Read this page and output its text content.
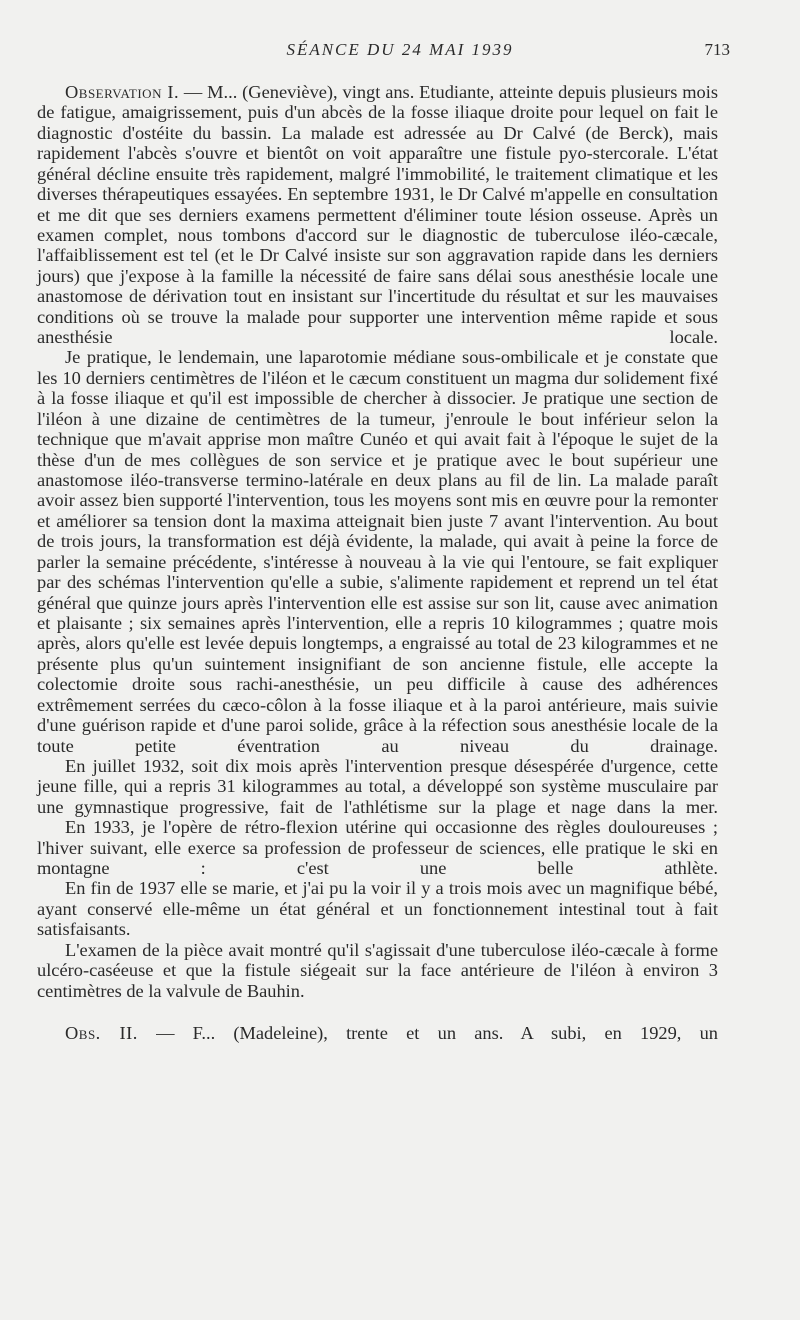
SÉANCE DU 24 MAI 1939	713

Observation I. — M... (Geneviève), vingt ans. Etudiante, atteinte depuis plusieurs mois de fatigue, amaigrissement, puis d'un abcès de la fosse iliaque droite pour lequel on fait le diagnostic d'ostéite du bassin. La malade est adressée au Dr Calvé (de Berck), mais rapidement l'abcès s'ouvre et bientôt on voit apparaître une fistule pyo-stercorale. L'état général décline ensuite très rapidement, malgré l'immobilité, le traitement climatique et les diverses thérapeutiques essayées. En septembre 1931, le Dr Calvé m'appelle en consultation et me dit que ses derniers examens permettent d'éliminer toute lésion osseuse. Après un examen complet, nous tombons d'accord sur le diagnostic de tuberculose iléo-cæcale, l'affaiblissement est tel (et le Dr Calvé insiste sur son aggravation rapide dans les derniers jours) que j'expose à la famille la nécessité de faire sans délai sous anesthésie locale une anastomose de dérivation tout en insistant sur l'incertitude du résultat et sur les mauvaises conditions où se trouve la malade pour supporter une intervention même rapide et sous anesthésie locale.

Je pratique, le lendemain, une laparotomie médiane sous-ombilicale et je constate que les 10 derniers centimètres de l'iléon et le cæcum constituent un magma dur solidement fixé à la fosse iliaque et qu'il est impossible de chercher à dissocier. Je pratique une section de l'iléon à une dizaine de centimètres de la tumeur, j'enroule le bout inférieur selon la technique que m'avait apprise mon maître Cunéo et qui avait fait à l'époque le sujet de la thèse d'un de mes collègues de son service et je pratique avec le bout supérieur une anastomose iléo-transverse termino-latérale en deux plans au fil de lin. La malade paraît avoir assez bien supporté l'intervention, tous les moyens sont mis en œuvre pour la remonter et améliorer sa tension dont la maxima atteignait bien juste 7 avant l'intervention. Au bout de trois jours, la transformation est déjà évidente, la malade, qui avait à peine la force de parler la semaine précédente, s'intéresse à nouveau à la vie qui l'entoure, se fait expliquer par des schémas l'intervention qu'elle a subie, s'alimente rapidement et reprend un tel état général que quinze jours après l'intervention elle est assise sur son lit, cause avec animation et plaisante ; six semaines après l'intervention, elle a repris 10 kilogrammes ; quatre mois après, alors qu'elle est levée depuis longtemps, a engraissé au total de 23 kilogrammes et ne présente plus qu'un suintement insignifiant de son ancienne fistule, elle accepte la colectomie droite sous rachi-anesthésie, un peu difficile à cause des adhérences extrêmement serrées du cæco-côlon à la fosse iliaque et à la paroi antérieure, mais suivie d'une guérison rapide et d'une paroi solide, grâce à la réfection sous anesthésie locale de la toute petite éventration au niveau du drainage.

En juillet 1932, soit dix mois après l'intervention presque désespérée d'urgence, cette jeune fille, qui a repris 31 kilogrammes au total, a développé son système musculaire par une gymnastique progressive, fait de l'athlétisme sur la plage et nage dans la mer.

En 1933, je l'opère de rétro-flexion utérine qui occasionne des règles douloureuses ; l'hiver suivant, elle exerce sa profession de professeur de sciences, elle pratique le ski en montagne : c'est une belle athlète.

En fin de 1937 elle se marie, et j'ai pu la voir il y a trois mois avec un magnifique bébé, ayant conservé elle-même un état général et un fonctionnement intestinal tout à fait satisfaisants.

L'examen de la pièce avait montré qu'il s'agissait d'une tuberculose iléo-cæcale à forme ulcéro-caséeuse et que la fistule siégeait sur la face antérieure de l'iléon à environ 3 centimètres de la valvule de Bauhin.

Obs. II. — F... (Madeleine), trente et un ans. A subi, en 1929, un
